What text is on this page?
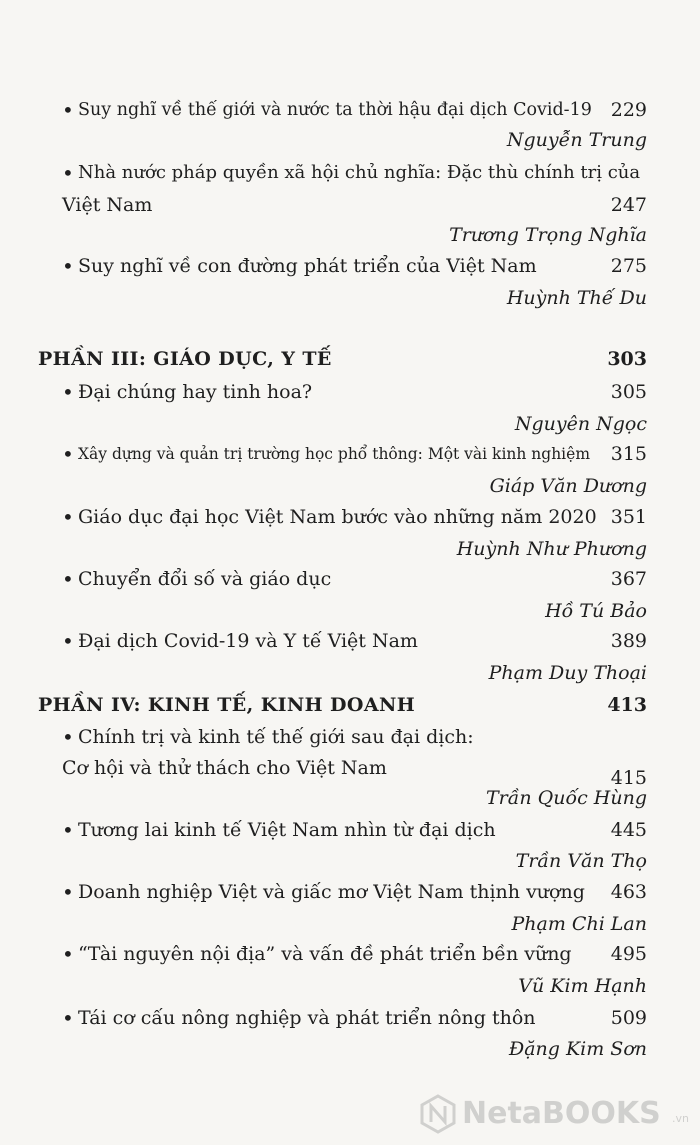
• Suy nghĩ về thế giới và nước ta thời hậu đại dịch Covid-19 229
Nguyễn Trung
• Nhà nước pháp quyền xã hội chủ nghĩa: Đặc thù chính trị của
Việt Nam	247
Trương Trọng Nghĩa
• Suy nghĩ về con đường phát triển của Việt Nam	275
Huỳnh Thế Du
PHẦN III: GIÁO DỤC, Y TẾ	303
• Đại chúng hay tinh hoa?	305
Nguyên Ngọc
• Xây dựng và quản trị trường học phổ thông: Một vài kinh nghiệm 315
Giáp Văn Dương
• Giáo dục đại học Việt Nam bước vào những năm 2020 351
Huỳnh Như Phương
• Chuyển đổi số và giáo dục	367
Hồ Tú Bảo
• Đại dịch Covid-19 và Y tế Việt Nam	389
Phạm Duy Thoại
PHẦN IV: KINH TẾ, KINH DOANH	413
• Chính trị và kinh tế thế giới sau đại dịch:
Cơ hội và thử thách cho Việt Nam	415
Trần Quốc Hùng
• Tương lai kinh tế Việt Nam nhìn từ đại dịch	445
Trần Văn Thọ
• Doanh nghiệp Việt và giấc mơ Việt Nam thịnh vượng 463
Phạm Chi Lan
• “Tài nguyên nội địa” và vấn đề phát triển bền vững 495
Vũ Kim Hạnh
• Tái cơ cấu nông nghiệp và phát triển nông thôn	509
Đặng Kim Sơn
NetaBOOKS .vn
